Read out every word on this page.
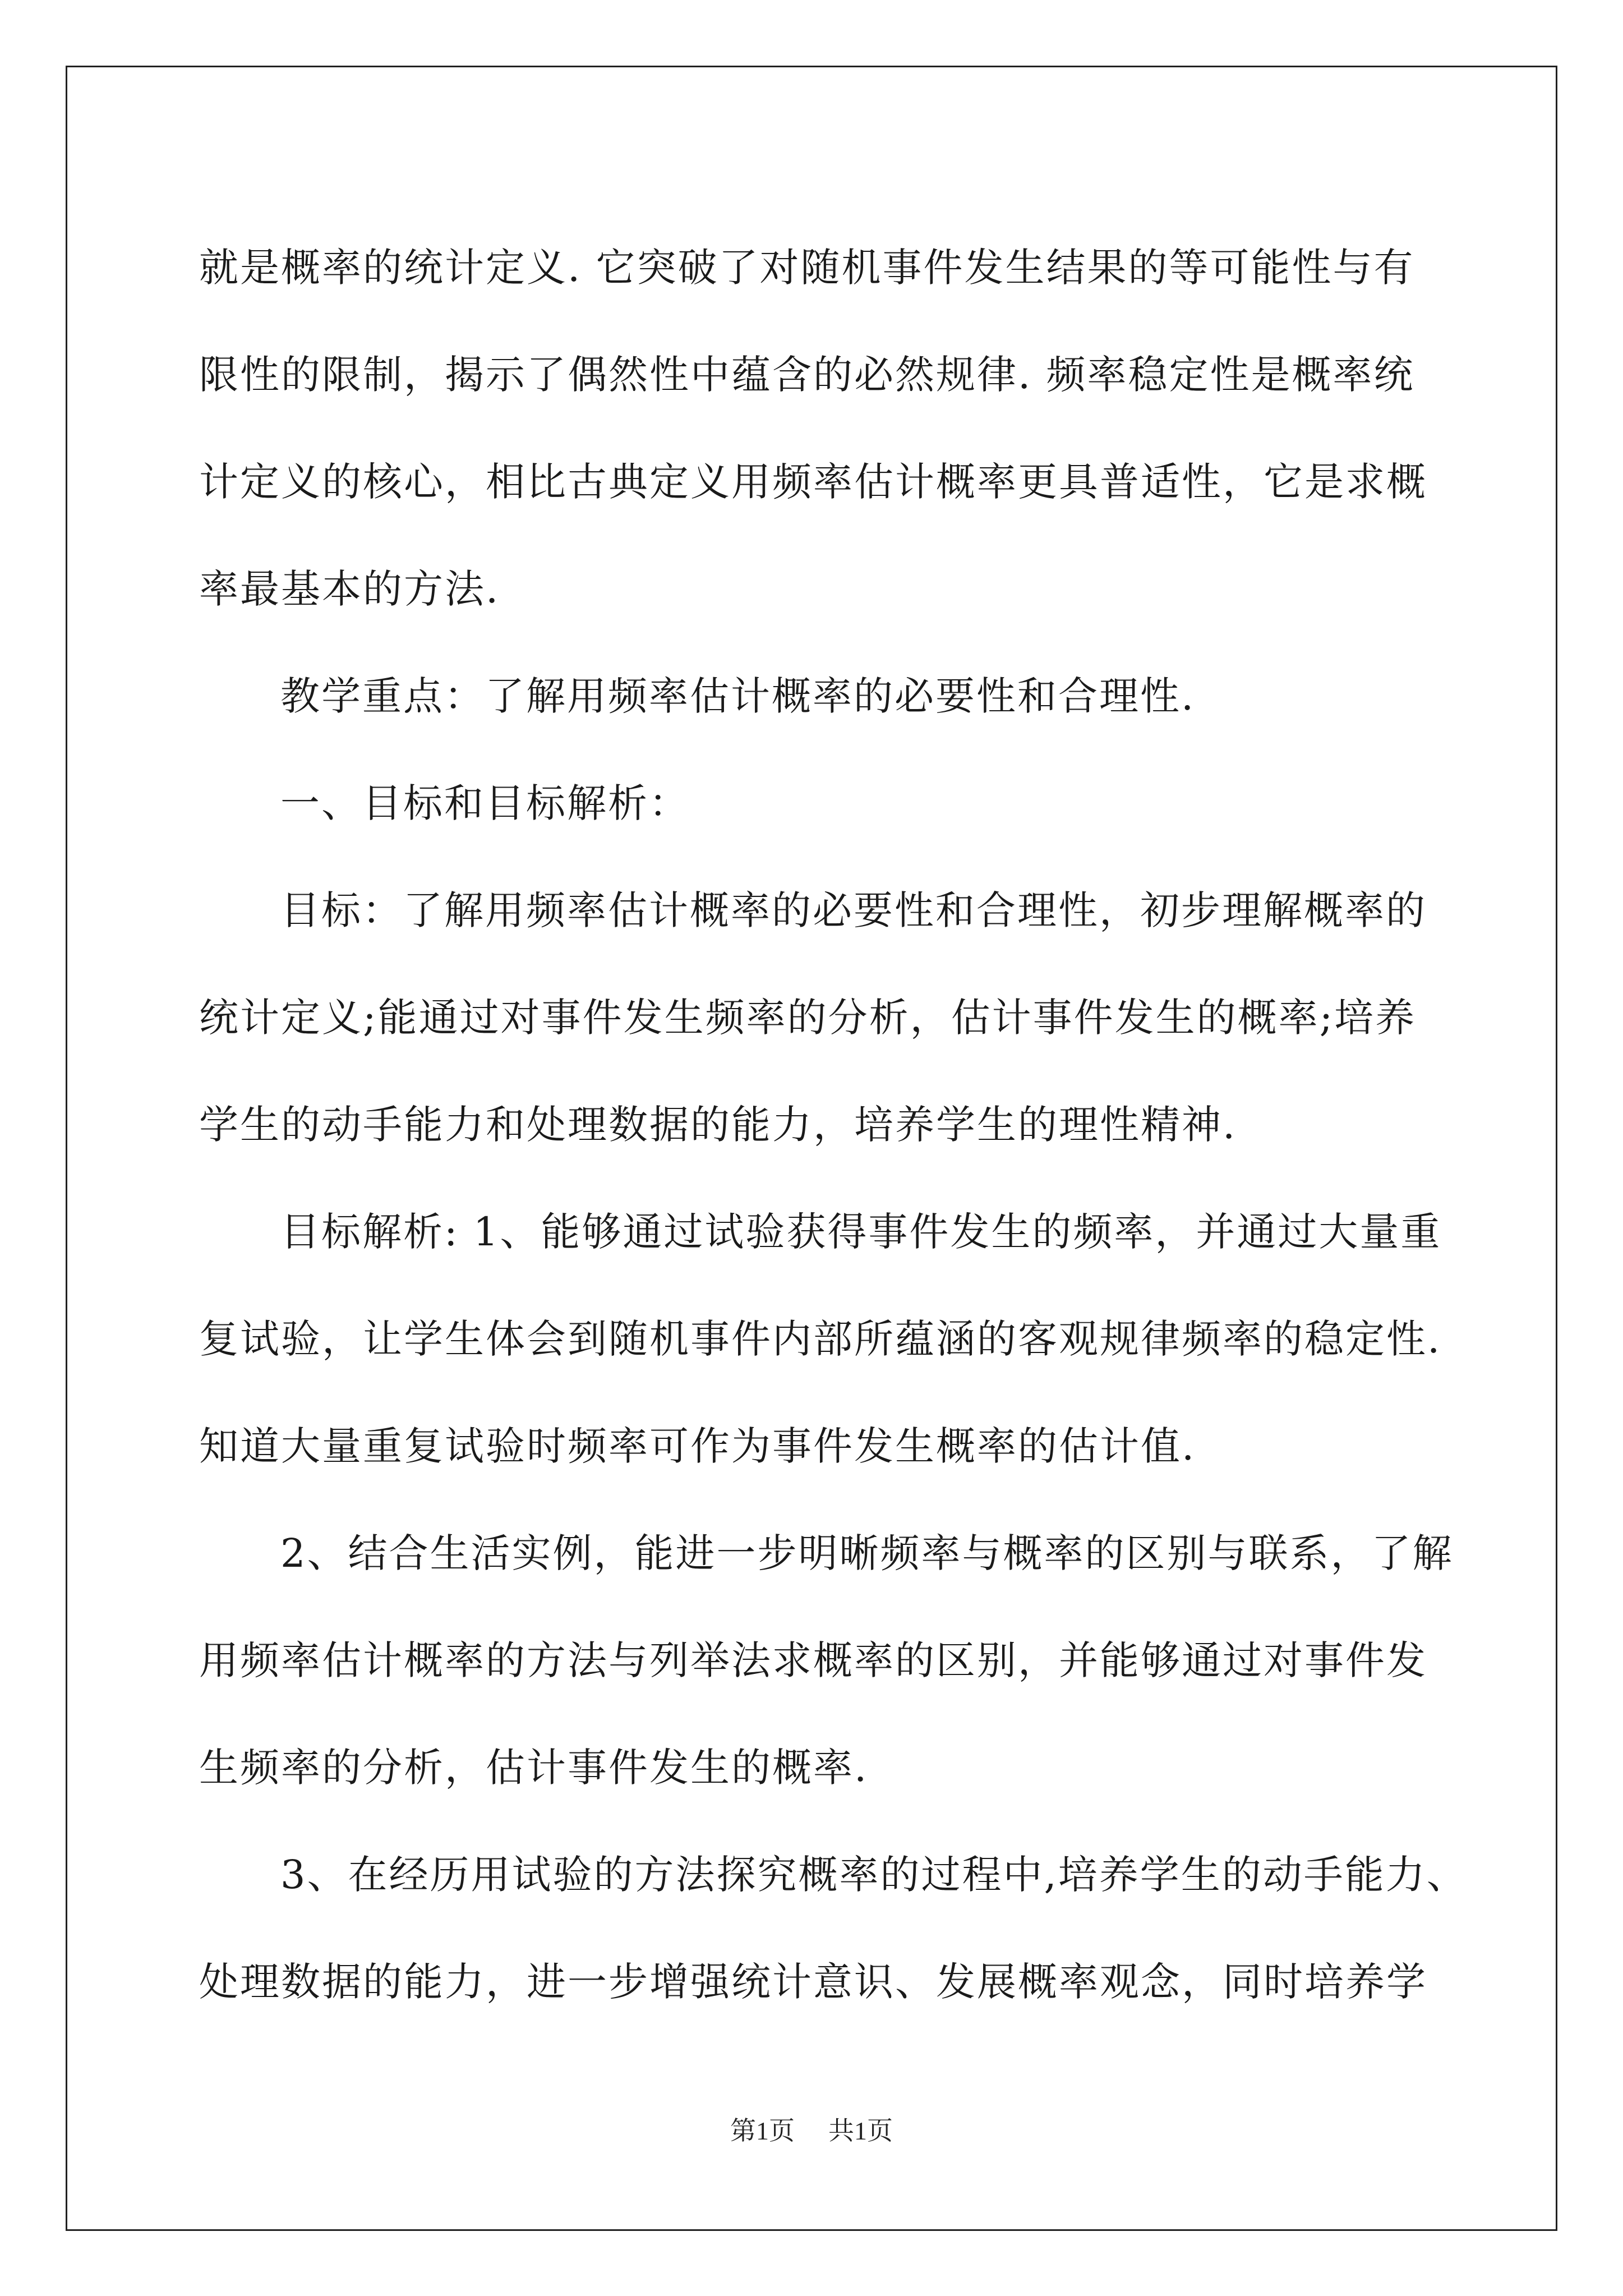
就是概率的统计定义. 它突破了对随机事件发生结果的等可能性与有
限性的限制，揭示了偶然性中蕴含的必然规律. 频率稳定性是概率统
计定义的核心，相比古典定义用频率估计概率更具普适性，它是求概
率最基本的方法.
教学重点：了解用频率估计概率的必要性和合理性.
一、目标和目标解析：
目标：了解用频率估计概率的必要性和合理性，初步理解概率的
统计定义;能通过对事件发生频率的分析，估计事件发生的概率;培养
学生的动手能力和处理数据的能力，培养学生的理性精神.
目标解析: 1、能够通过试验获得事件发生的频率，并通过大量重
复试验，让学生体会到随机事件内部所蕴涵的客观规律频率的稳定性.
知道大量重复试验时频率可作为事件发生概率的估计值.
2、结合生活实例，能进一步明晰频率与概率的区别与联系，了解
用频率估计概率的方法与列举法求概率的区别，并能够通过对事件发
生频率的分析，估计事件发生的概率.
3、在经历用试验的方法探究概率的过程中,培养学生的动手能力、
处理数据的能力，进一步增强统计意识、发展概率观念，同时培养学
第1页 共1页
